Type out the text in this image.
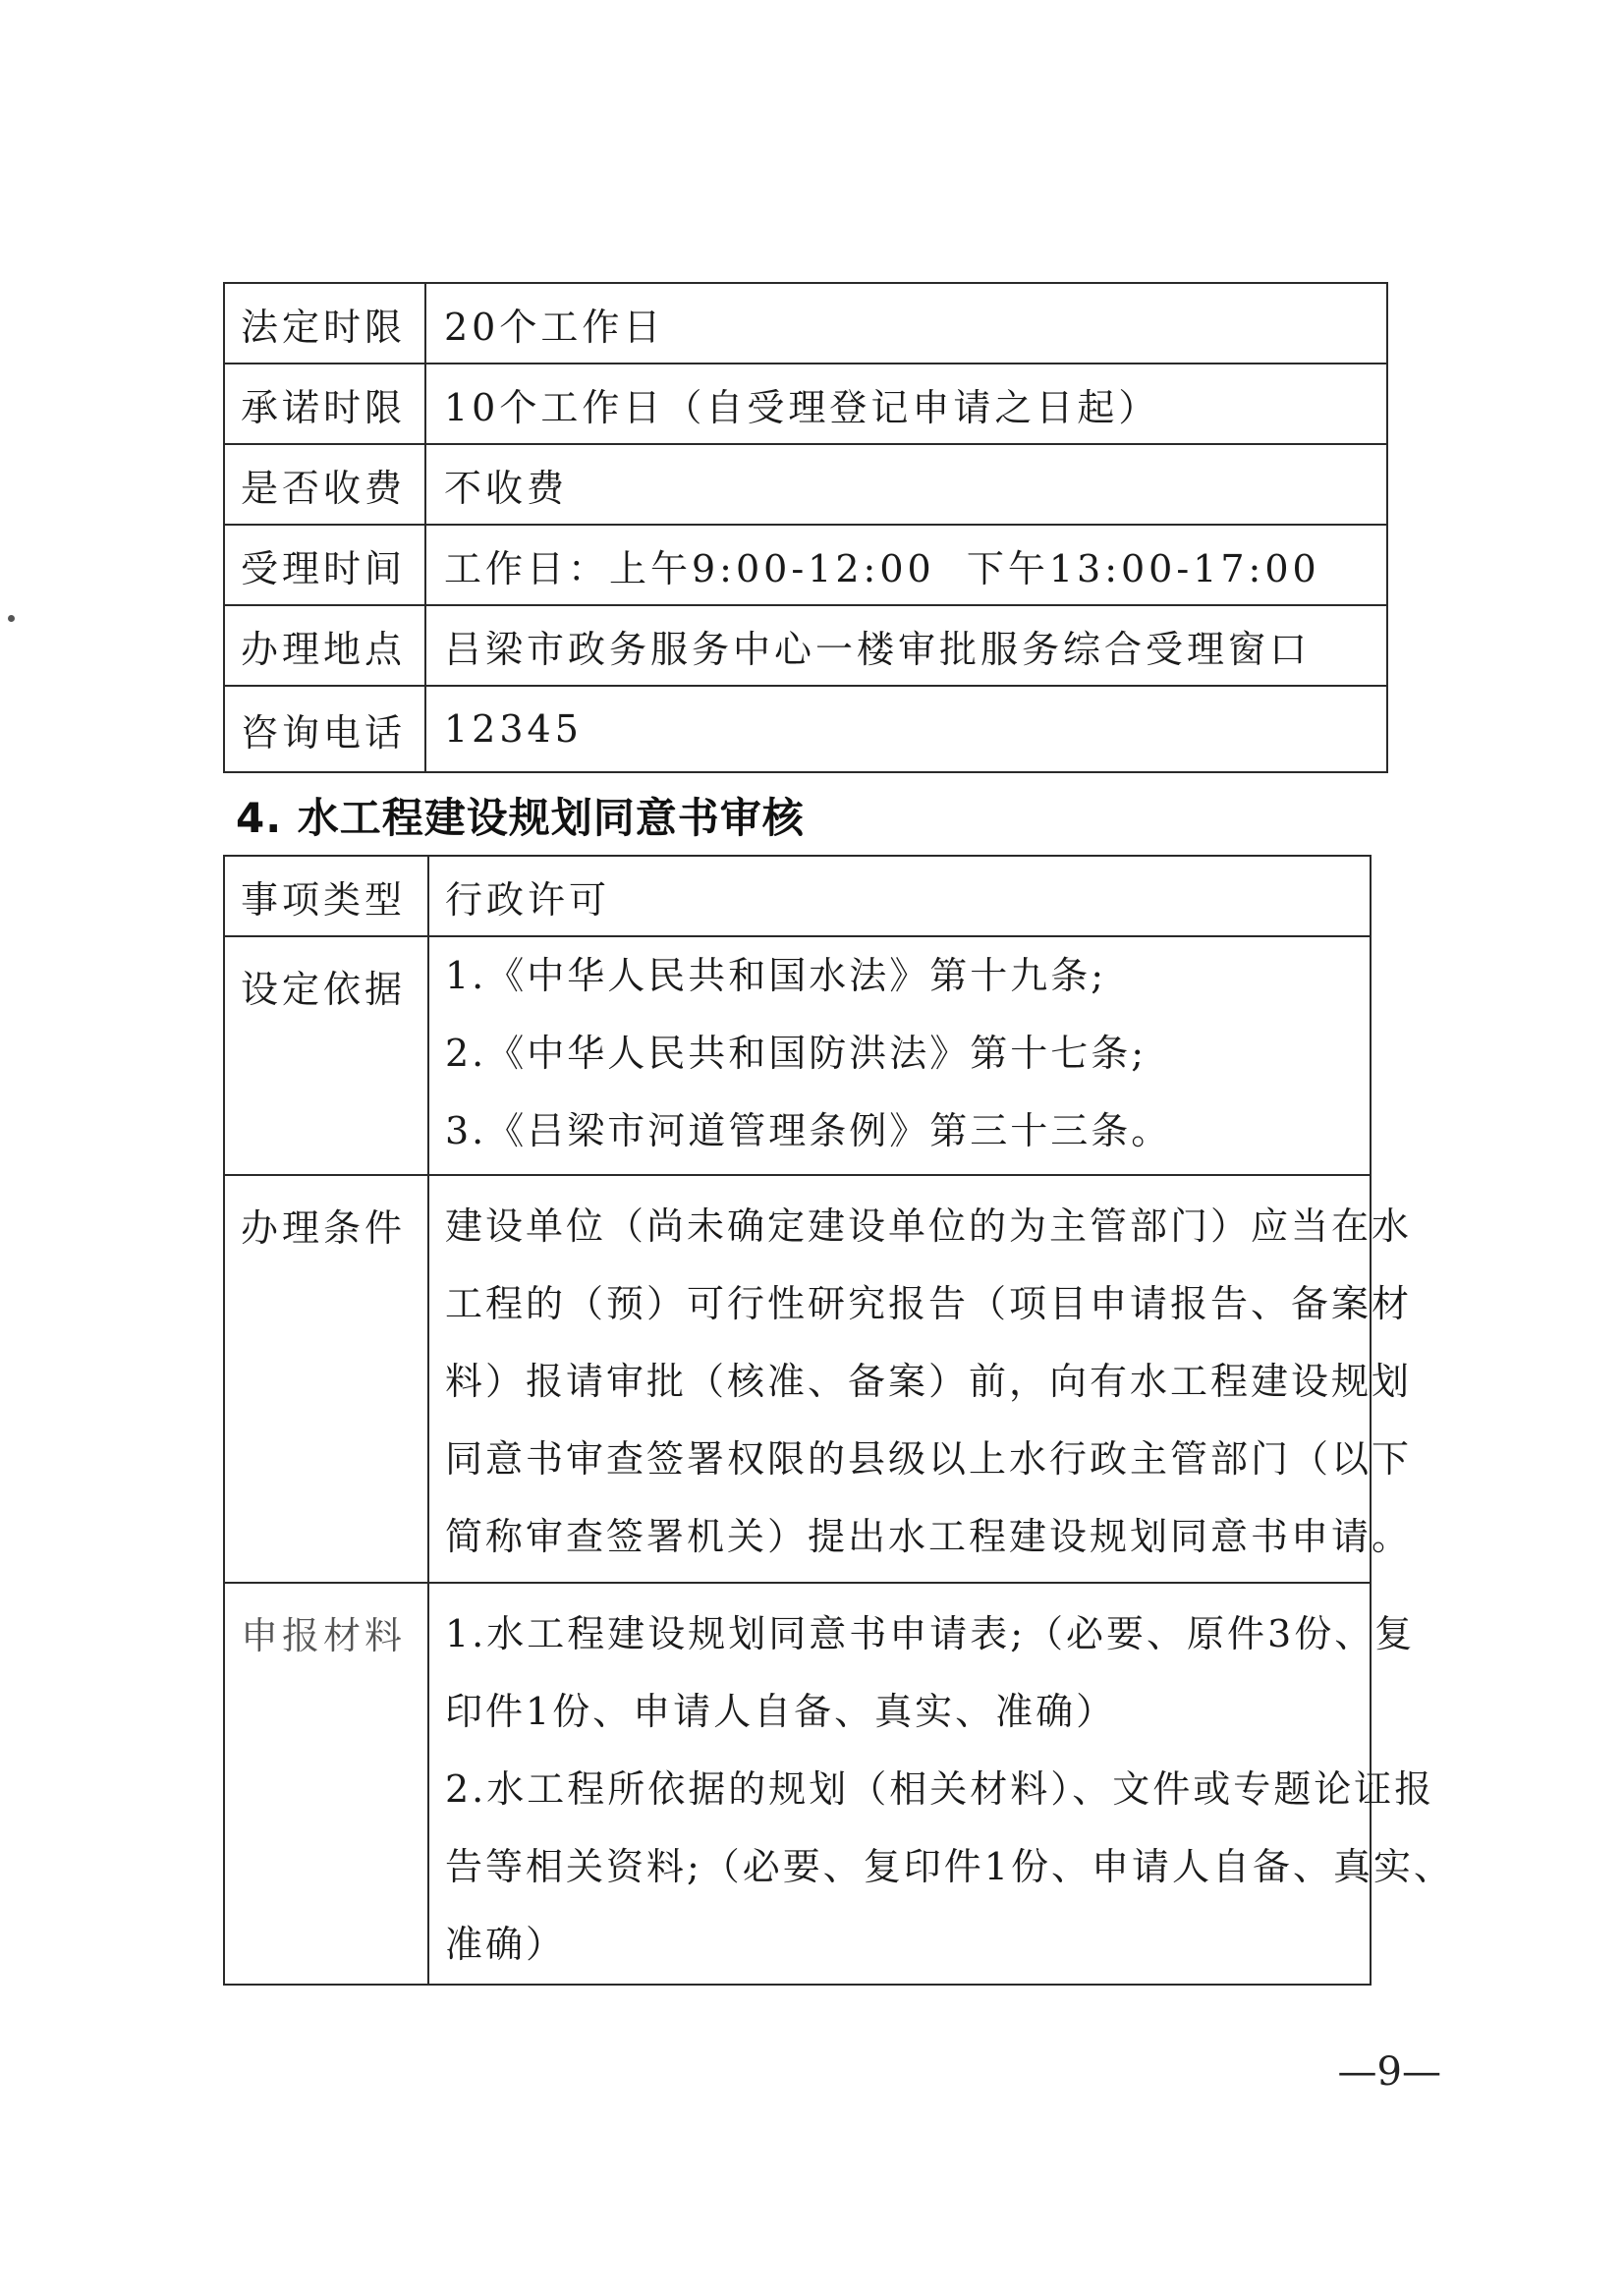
法定时限	20个工作日
承诺时限	10个工作日（自受理登记申请之日起）
是否收费	不收费
受理时间	工作日：上午9:00-12:00  下午13:00-17:00
办理地点	吕梁市政务服务中心一楼审批服务综合受理窗口
咨询电话	12345
4. 水工程建设规划同意书审核
事项类型	行政许可
设定依据	1.《中华人民共和国水法》第十九条;
2.《中华人民共和国防洪法》第十七条;
3.《吕梁市河道管理条例》第三十三条。

办理条件	建设单位（尚未确定建设单位的为主管部门）应当在水
工程的（预）可行性研究报告（项目申请报告、备案材
料）报请审批（核准、备案）前，向有水工程建设规划
同意书审查签署权限的县级以上水行政主管部门（以下
简称审查签署机关）提出水工程建设规划同意书申请。

申报材料	1.水工程建设规划同意书申请表;（必要、原件3份、复
印件1份、申请人自备、真实、准确）
2.水工程所依据的规划（相关材料）、文件或专题论证报
告等相关资料;（必要、复印件1份、申请人自备、真实、
准确）
—9—
